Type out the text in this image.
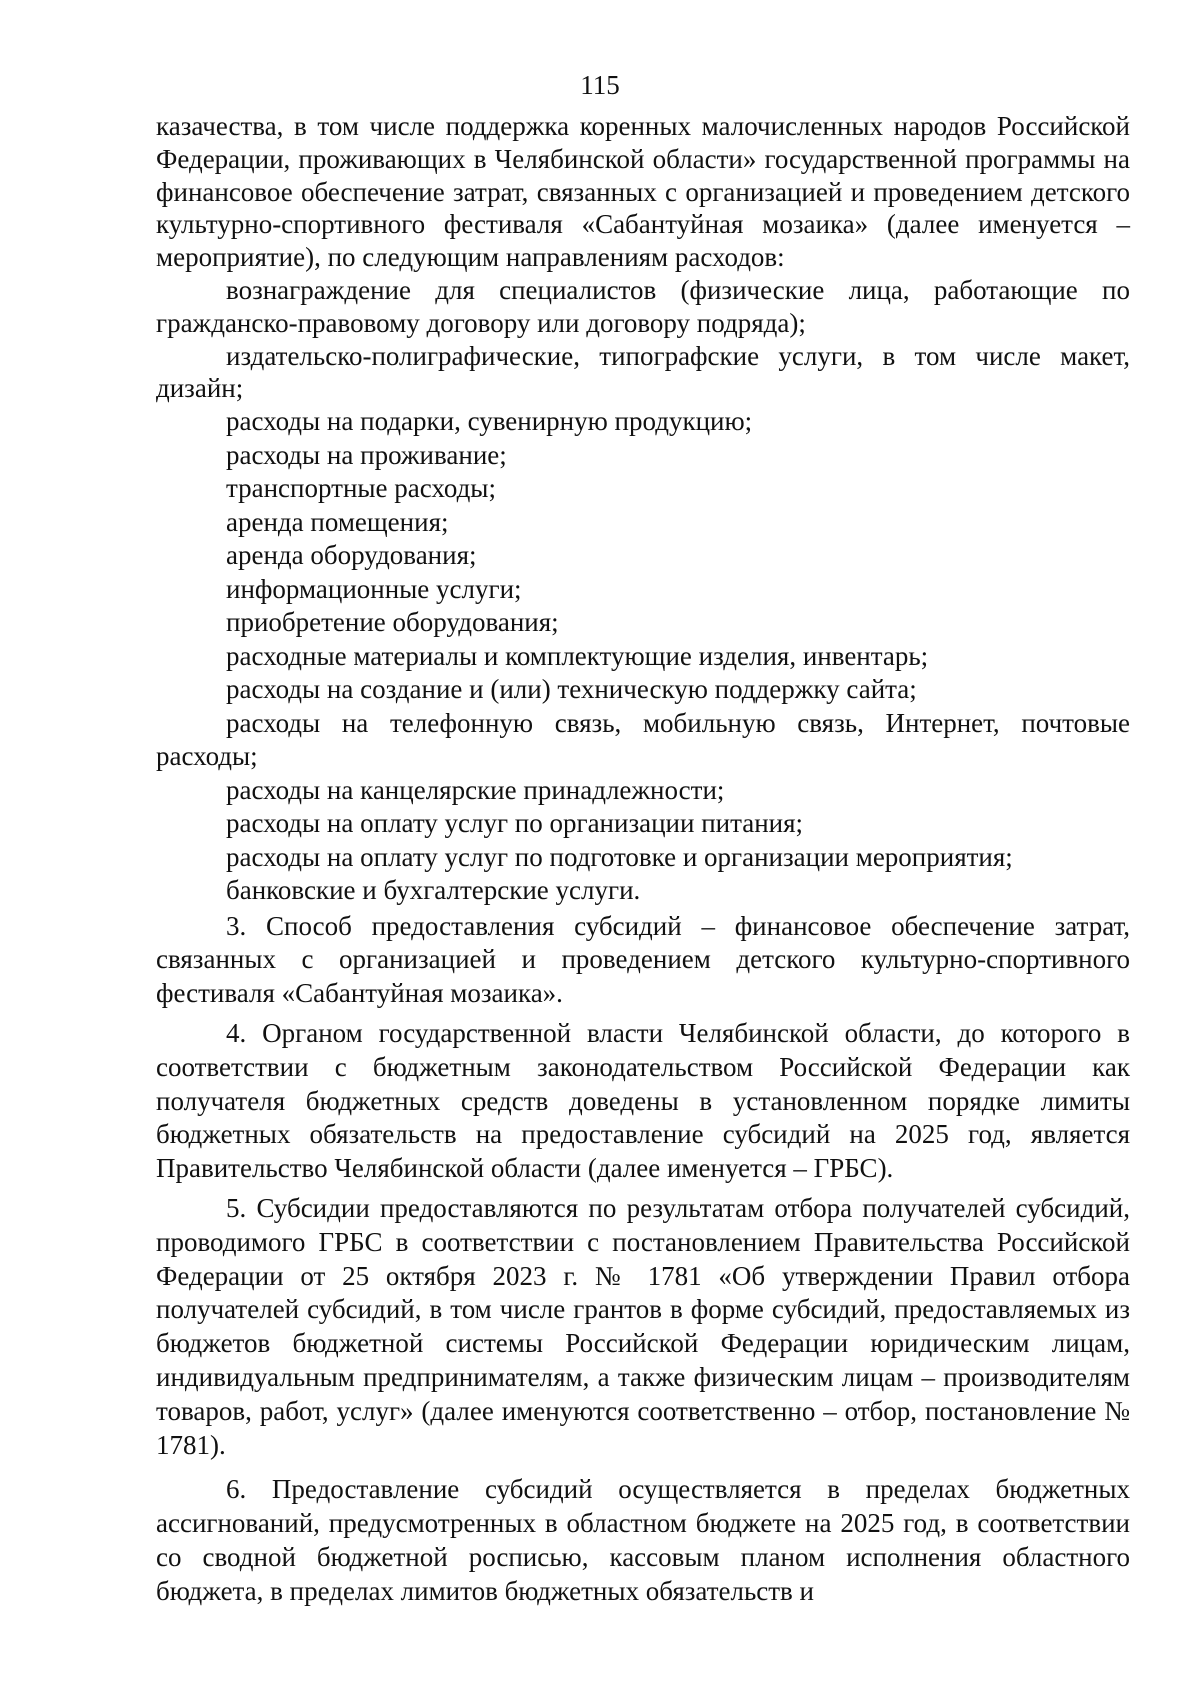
115

казачества, в том числе поддержка коренных малочисленных народов Российской Федерации, проживающих в Челябинской области» государственной программы на финансовое обеспечение затрат, связанных с организацией и проведением детского культурно-спортивного фестиваля «Сабантуйная мозаика» (далее именуется – мероприятие), по следующим направлениям расходов:

вознаграждение для специалистов (физические лица, работающие по гражданско-правовому договору или договору подряда);

издательско-полиграфические, типографские услуги, в том числе макет, дизайн;

расходы на подарки, сувенирную продукцию;

расходы на проживание;

транспортные расходы;

аренда помещения;

аренда оборудования;

информационные услуги;

приобретение оборудования;

расходные материалы и комплектующие изделия, инвентарь;

расходы на создание и (или) техническую поддержку сайта;

расходы на телефонную связь, мобильную связь, Интернет, почтовые расходы;

расходы на канцелярские принадлежности;

расходы на оплату услуг по организации питания;

расходы на оплату услуг по подготовке и организации мероприятия;

банковские и бухгалтерские услуги.

3. Способ предоставления субсидий – финансовое обеспечение затрат, связанных с организацией и проведением детского культурно-спортивного фестиваля «Сабантуйная мозаика».

4. Органом государственной власти Челябинской области, до которого в соответствии с бюджетным законодательством Российской Федерации как получателя бюджетных средств доведены в установленном порядке лимиты бюджетных обязательств на предоставление субсидий на 2025 год, является Правительство Челябинской области (далее именуется – ГРБС).

5. Субсидии предоставляются по результатам отбора получателей субсидий, проводимого ГРБС в соответствии с постановлением Правительства Российской Федерации от 25 октября 2023 г. № 1781 «Об утверждении Правил отбора получателей субсидий, в том числе грантов в форме субсидий, предоставляемых из бюджетов бюджетной системы Российской Федерации юридическим лицам, индивидуальным предпринимателям, а также физическим лицам – производителям товаров, работ, услуг» (далее именуются соответственно – отбор, постановление № 1781).

6. Предоставление субсидий осуществляется в пределах бюджетных ассигнований, предусмотренных в областном бюджете на 2025 год, в соответствии со сводной бюджетной росписью, кассовым планом исполнения областного бюджета, в пределах лимитов бюджетных обязательств и
